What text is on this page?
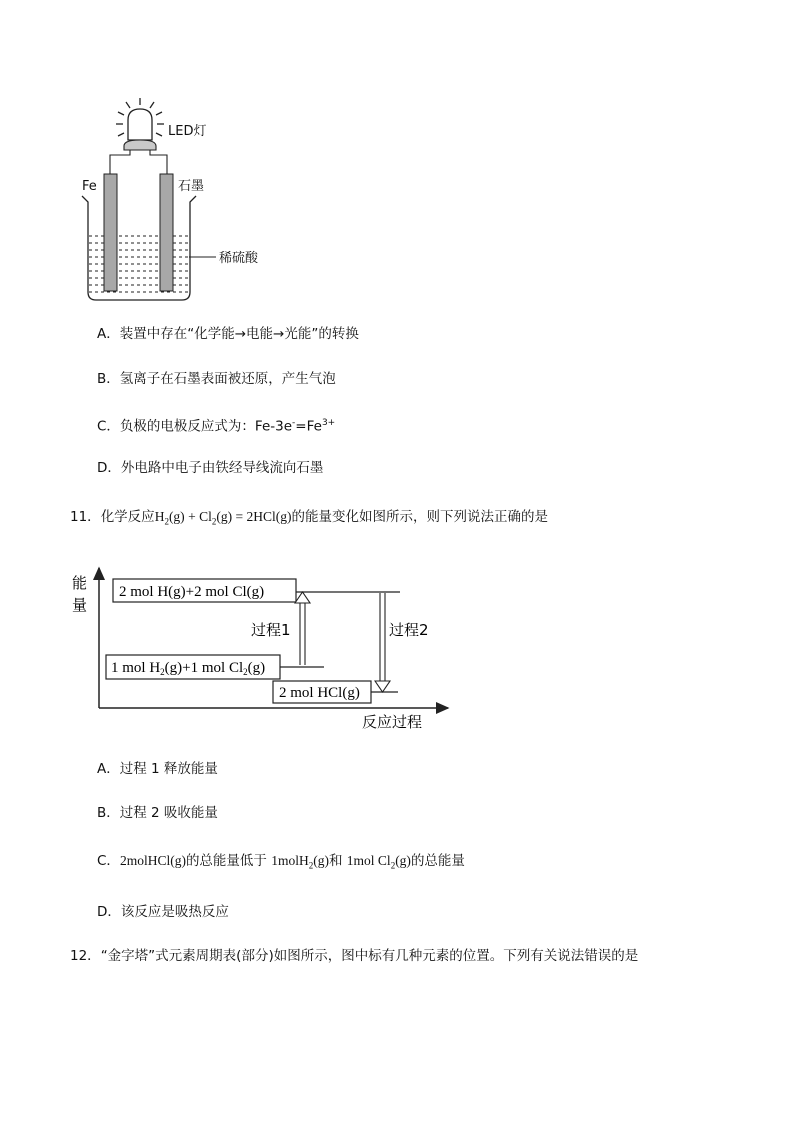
LED灯
Fe	石墨
稀硫酸
A．装置中存在“化学能→电能→光能”的转换
B．氢离子在石墨表面被还原，产生气泡
C．负极的电极反应式为：$Fe-3e^-=Fe^{3+}$
D．外电路中电子由铁经导线流向石墨
11．化学反应$H_2(g) + Cl_2(g) = 2HCl(g)$的能量变化如图所示，则下列说法正确的是
能
量
反应过程
2 mol H(g)+2 mol Cl(g)
1 mol $H_2(g)+1$ mol $Cl_2(g)$
2 mol HCl(g)
过程1	过程2
A．过程 1 释放能量
B．过程 2 吸收能量
C．2molHCl(g)的总能量低于 1molH$_2$(g)和 1mol $Cl_2(g)$的总能量
D．该反应是吸热反应
12．“金字塔”式元素周期表(部分)如图所示，图中标有几种元素的位置。下列有关说法错误的是
